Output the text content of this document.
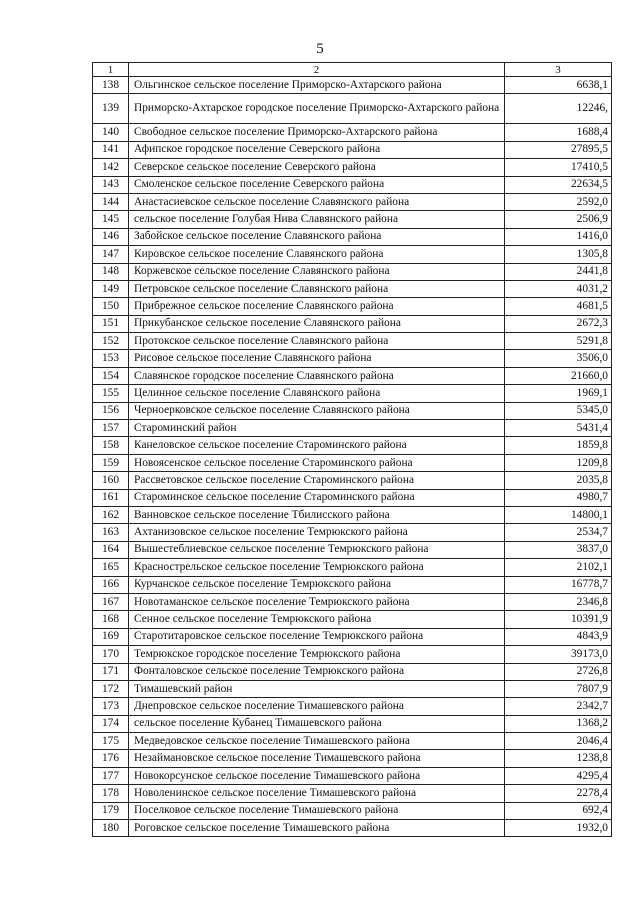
5
1	2	3
138	Ольгинское сельское поселение Приморско-Ахтарского района	6638,1
139	Приморско-Ахтарское городское поселение Приморско-Ахтарского района	12246,
140	Свободное сельское поселение Приморско-Ахтарского района	1688,4
141	Афипское городское поселение Северского района	27895,5
142	Северское сельское поселение Северского района	17410,5
143	Смоленское сельское поселение Северского района	22634,5
144	Анастасиевское сельское поселение Славянского района	2592,0
145	сельское поселение Голубая Нива Славянского района	2506,9
146	Забойское сельское поселение Славянского района	1416,0
147	Кировское сельское поселение Славянского района	1305,8
148	Коржевское сельское поселение Славянского района	2441,8
149	Петровское сельское поселение Славянского района	4031,2
150	Прибрежное сельское поселение Славянского района	4681,5
151	Прикубанское сельское поселение Славянского района	2672,3
152	Протокское сельское поселение Славянского района	5291,8
153	Рисовое сельское поселение Славянского района	3506,0
154	Славянское городское поселение Славянского района	21660,0
155	Целинное сельское поселение Славянского района	1969,1
156	Черноерковское сельское поселение Славянского района	5345,0
157	Староминский район	5431,4
158	Канеловское сельское поселение Староминского района	1859,8
159	Новоясенское сельское поселение Староминского района	1209,8
160	Рассветовское сельское поселение Староминского района	2035,8
161	Староминское сельское поселение Староминского района	4980,7
162	Ванновское сельское поселение Тбилисского района	14800,1
163	Ахтанизовское сельское поселение Темрюкского района	2534,7
164	Вышестеблиевское сельское поселение Темрюкского района	3837,0
165	Краснострельское сельское поселение Темрюкского района	2102,1
166	Курчанское сельское поселение Темрюкского района	16778,7
167	Новотаманское сельское поселение Темрюкского района	2346,8
168	Сенное сельское поселение Темрюкского района	10391,9
169	Старотитаровское сельское поселение Темрюкского района	4843,9
170	Темрюкское городское поселение Темрюкского района	39173,0
171	Фонталовское сельское поселение Темрюкского района	2726,8
172	Тимашевский район	7807,9
173	Днепровское сельское поселение Тимашевского района	2342,7
174	сельское поселение Кубанец Тимашевского района	1368,2
175	Медведовское сельское поселение Тимашевского района	2046,4
176	Незаймановское сельское поселение Тимашевского района	1238,8
177	Новокорсунское сельское поселение Тимашевского района	4295,4
178	Новоленинское сельское поселение Тимашевского района	2278,4
179	Поселковое сельское поселение Тимашевского района	692,4
180	Роговское сельское поселение Тимашевского района	1932,0
